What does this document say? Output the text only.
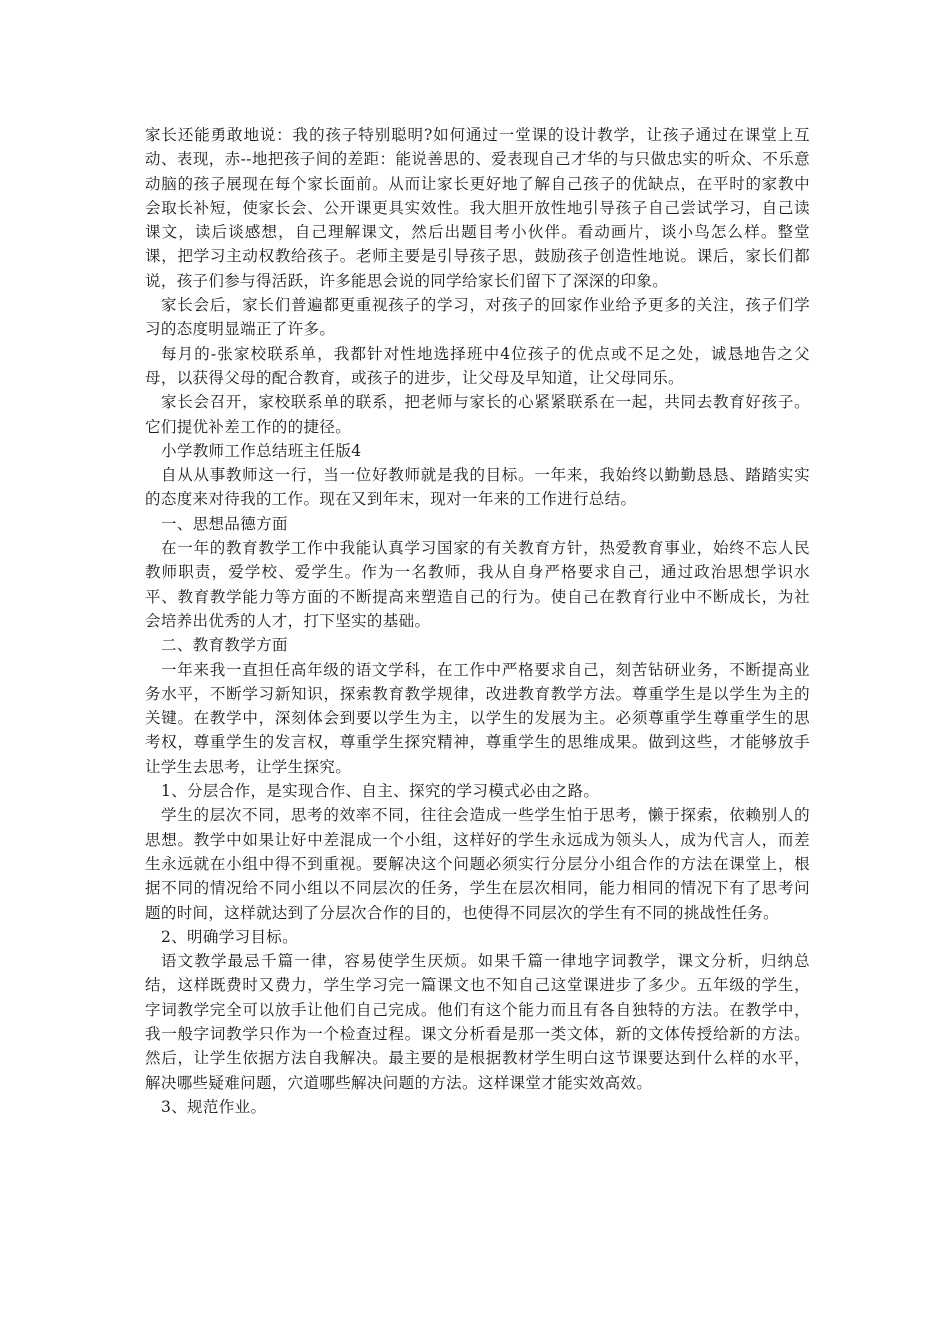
家长还能勇敢地说：我的孩子特别聪明?如何通过一堂课的设计教学，让孩子通过在课堂上互动、表现，赤--地把孩子间的差距：能说善思的、爱表现自己才华的与只做忠实的听众、不乐意动脑的孩子展现在每个家长面前。从而让家长更好地了解自己孩子的优缺点，在平时的家教中会取长补短，使家长会、公开课更具实效性。我大胆开放性地引导孩子自己尝试学习，自己读课文，读后谈感想，自己理解课文，然后出题目考小伙伴。看动画片，谈小鸟怎么样。整堂课，把学习主动权教给孩子。老师主要是引导孩子思，鼓励孩子创造性地说。课后，家长们都说，孩子们参与得活跃，许多能思会说的同学给家长们留下了深深的印象。

家长会后，家长们普遍都更重视孩子的学习，对孩子的回家作业给予更多的关注，孩子们学习的态度明显端正了许多。

每月的-张家校联系单，我都针对性地选择班中4位孩子的优点或不足之处，诚恳地告之父母，以获得父母的配合教育，或孩子的进步，让父母及早知道，让父母同乐。

家长会召开，家校联系单的联系，把老师与家长的心紧紧联系在一起，共同去教育好孩子。它们提优补差工作的的捷径。

小学教师工作总结班主任版4

自从从事教师这一行，当一位好教师就是我的目标。一年来，我始终以勤勤恳恳、踏踏实实的态度来对待我的工作。现在又到年末，现对一年来的工作进行总结。

一、思想品德方面

在一年的教育教学工作中我能认真学习国家的有关教育方针，热爱教育事业，始终不忘人民教师职责，爱学校、爱学生。作为一名教师，我从自身严格要求自己，通过政治思想学识水平、教育教学能力等方面的不断提高来塑造自己的行为。使自己在教育行业中不断成长，为社会培养出优秀的人才，打下坚实的基础。

二、教育教学方面

一年来我一直担任高年级的语文学科，在工作中严格要求自己，刻苦钻研业务，不断提高业务水平，不断学习新知识，探索教育教学规律，改进教育教学方法。尊重学生是以学生为主的关键。在教学中，深刻体会到要以学生为主，以学生的发展为主。必须尊重学生尊重学生的思考权，尊重学生的发言权，尊重学生探究精神，尊重学生的思维成果。做到这些，才能够放手让学生去思考，让学生探究。

1、分层合作，是实现合作、自主、探究的学习模式必由之路。

学生的层次不同，思考的效率不同，往往会造成一些学生怕于思考，懒于探索，依赖别人的思想。教学中如果让好中差混成一个小组，这样好的学生永远成为领头人，成为代言人，而差生永远就在小组中得不到重视。要解决这个问题必须实行分层分小组合作的方法在课堂上，根据不同的情况给不同小组以不同层次的任务，学生在层次相同，能力相同的情况下有了思考问题的时间，这样就达到了分层次合作的目的，也使得不同层次的学生有不同的挑战性任务。

2、明确学习目标。

语文教学最忌千篇一律，容易使学生厌烦。如果千篇一律地字词教学，课文分析，归纳总结，这样既费时又费力，学生学习完一篇课文也不知自己这堂课进步了多少。五年级的学生，字词教学完全可以放手让他们自己完成。他们有这个能力而且有各自独特的方法。在教学中，我一般字词教学只作为一个检查过程。课文分析看是那一类文体，新的文体传授给新的方法。然后，让学生依据方法自我解决。最主要的是根据教材学生明白这节课要达到什么样的水平，解决哪些疑难问题，穴道哪些解决问题的方法。这样课堂才能实效高效。

3、规范作业。
